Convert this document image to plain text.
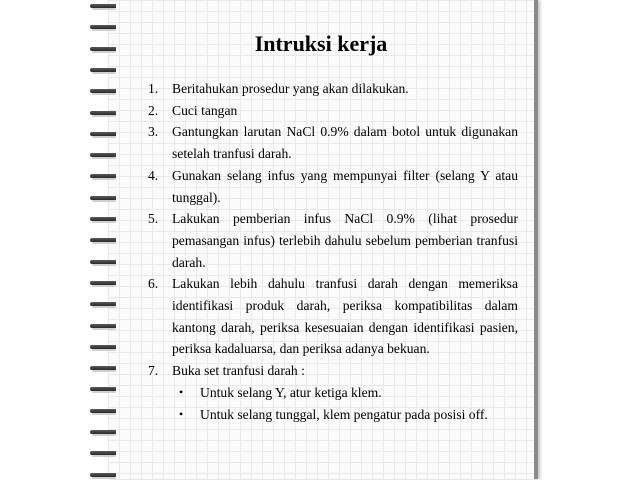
Intruksi kerja
1. Beritahukan prosedur yang akan dilakukan.
2. Cuci tangan
3. Gantungkan larutan NaCl 0.9% dalam botol untuk digunakan setelah tranfusi darah.
4. Gunakan selang infus yang mempunyai filter (selang Y atau tunggal).
5. Lakukan pemberian infus NaCl 0.9% (lihat prosedur pemasangan infus) terlebih dahulu sebelum pemberian tranfusi darah.
6. Lakukan lebih dahulu tranfusi darah dengan memeriksa identifikasi produk darah, periksa kompatibilitas dalam kantong darah, periksa kesesuaian dengan identifikasi pasien, periksa kadaluarsa, dan periksa adanya bekuan.
7. Buka set tranfusi darah :
• Untuk selang Y, atur ketiga klem.
• Untuk selang tunggal, klem pengatur pada posisi off.
